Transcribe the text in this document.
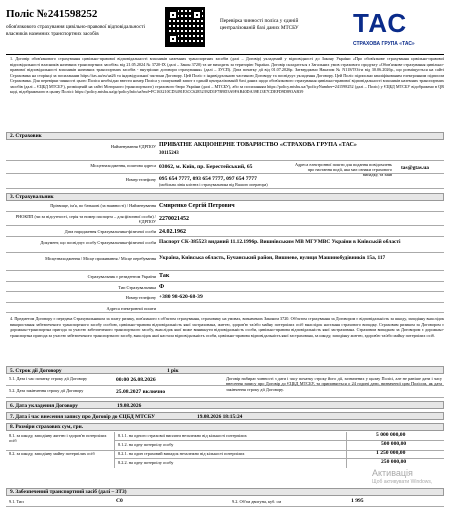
Поліс №241598252
обов'язкового страхування цивільно-правової відповідальності власників наземних транспортних засобів
Перевірка чинності поліса у єдиній централізованій базі даних МТСБУ	ТАС
СТРАХОВА ГРУПА «ТАС»
1. Договір обов'язкового страхування цивільно-правової відповідальності власників наземних транспортних засобів (далі – Договір) укладений у відповідності до Закону України «Про обов'язкове страхування цивільно-правової відповідальності власників наземних транспортних засобів» від 21.05.2024 № 3720-IX (далі – Закон 3720) та не виходить за територію України. Договір складається з Загальних умов страхового продукту «Обов'язкове страхування цивільно-правової відповідальності власників наземних транспортних засобів - внутрішнє договори страхування» (далі – ЗУСП). Дата початку дії від 01.07.2026р. Затверджено Наказом № N118/ТО/ги від 30.06.2026р., що розміщується на сайті Страховика на сторінці за посиланням https://tas.ua/ru/ua26 та індивідуальної частини Договору. Цей Поліс є індивідуальною частиною Договору та посвідчує укладення Договору. Цей Поліс підписано кваліфікованим електронним підписом Страховика. Для перевірки чинності цього Поліса необхідно ввести номер Поліса у пошуковий запит з єдиній централізованій базі даних щодо обов'язкового страхування цивільно-правової відповідальності власників наземних транспортних засобів (далі – ЄЦБД МТСБУ), розміщеній на сайті Моторного (транспортного) страхового бюро України (далі – МТСБУ), або за посиланням https://policy.mtsbu.ua/?policyNumber=241598252 (далі – Поліс) у ЄЦБД МТСБУ відображено в QR коді, відображеного в цьому Полісі: https://policy.mtsbu.ua/gr/policyInfo/ua?md=FC163210CD3491E3CC62852392D1F7B9D3A9FAB40DA39E13E7CDEFD9D893AB39
2. Страховик
Найменування ЄДРПОУ ПРИВАТНЕ АКЦІОНЕРНЕ ТОВАРИСТВО «СТРАХОВА ГРУПА «ТАС»
30115243
Місцезнаходження, поштова адреса 03062, м. Київ, пр. Берестейський, 65	Адреса електронної пошти для подання повідомлень про настання події, яка має ознаки страхового випадку, та заяв
tas@gtas.ua
Номер телефону 095 654 7777, 093 654 7777, 097 654 7777
(мобільна лінія клієнта і страхувальника від Вашого оператора)
3. Страхувальник
Прізвище, ім'я, по батькові (за наявності) / Найменування Смиренко Сергій Петрович
РНОКПП (чи за відсутності, серія та номер паспорта – для фізичної особи) / ЄДРПОУ 2270021452
Дата народження Страхувальника-фізичної особи 24.02.1962
Документ, що посвідчує особу Страхувальника-фізичної особи Паспорт СК-385523 виданий 11.12.1996р. Вишнівським МВ МГУМВС України в Київській області
Місцезнаходження / Місце проживання / Місце перебування Україна, Київська область, Бучанський район, Вишневе, вулиця Машинобудівників 15а, 117
Страхувальник є резидентом України Так
Тип Страхувальника Ф
Номер телефону +380 98-620-68-39
Адреса електронної пошти
4. Предметом Договору є передача Страхувальником за плату ризику, пов'язаного з об'єктом страхування, страховику на умовах, визначених Законом 3720. Об'єктом страхування за Договором є відповідальність за шкоду, заподіяну внаслідок використання забезпеченого транспортного засобу особою, цивільно-правова відповідальність якої застрахована, життю, здоров'ю та/або майну потерпілих осіб внаслідок настання страхового випадку. Страховим ризиком за Договором є дорожньо-транспортна пригода за участю забезпеченого транспортного засобу, внаслідок якої може виникнути відповідальність особи, цивільно-правова відповідальність якої застрахована. Страховим випадком за Договором є дорожньо-транспортна пригода за участю забезпеченого транспортного засобу, внаслідок якої настала відповідальність особи, цивільно-правова відповідальність якої застрахована, за шкоду, заподіяну життю, здоров'ю та/або майну потерпілих осіб.
5. Строк дії Договору	1 рік
5.1. Дата і час початку строку дії Договору	00:00 26.08.2026
5.2. Дата закінчення строку дії Договору	25.08.2027 включно
Договір набирає чинності з дати і часу початку строку його дії, зазначених у цьому Полісі, але не раніше дати і часу внесення запису про Договір до ЄЦБД МТСБУ, та припиняється о 24 годині дати, визначеної цим Полісом, як дата закінчення строку дії Договору.
6. Дата укладення Договору	19.08.2026
7. Дата і час внесення запису про Договір до ЄЦБД МТСБУ	19.08.2026 18:15:24
8. Розміри страхових сум, грн.
8.1. за шкоду, заподіяну життю і здоров'ю потерпілих осіб
8.1.1. на одного страхової виплати незалежно від кількості потерпілих	5 000 000,00
8.1.2. на одну потерпілу особу	500 000,00
8.2. за шкоду, заподіяну майну потерпілих осіб	8.2.1. на один страховий випадок незалежно від кількості потерпілих	1 250 000,00
8.2.2. на одну потерпілу особу	250 000,00
9. Забезпечений транспортний засіб (далі – ЗТЗ)
9.1. Тип	C0	9.2. Об'єм двигуна, куб. см	1 995
Активація
Щоб активувати Windows,
